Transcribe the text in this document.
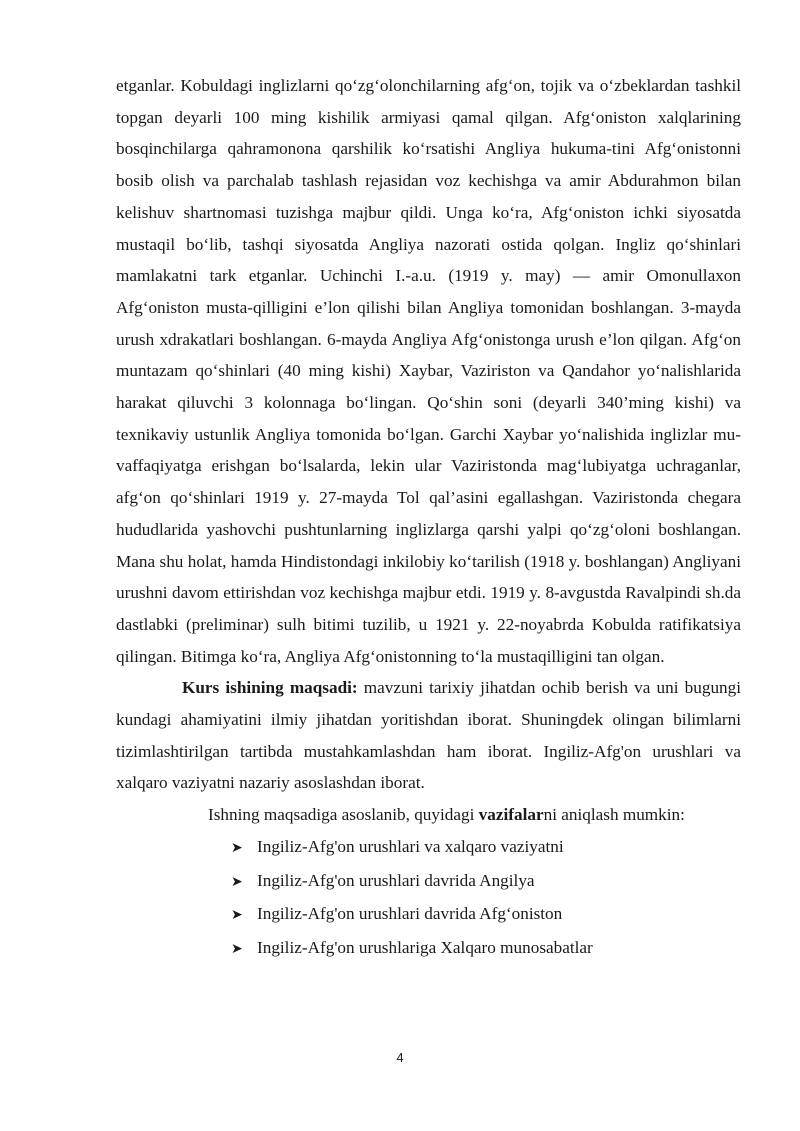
etganlar. Kobuldagi inglizlarni qo‘zg‘olonchilarning afg‘on, tojik va o‘zbeklardan tashkil topgan deyarli 100 ming kishilik armiyasi qamal qilgan. Afg‘oniston xalqlarining bosqinchilarga qahramonona qarshilik ko‘rsatishi Angliya hukuma-tini Afg‘onistonni bosib olish va parchalab tashlash rejasidan voz kechishga va amir Abdurahmon bilan kelishuv shartnomasi tuzishga majbur qildi. Unga ko‘ra, Afg‘oniston ichki siyosatda mustaqil bo‘lib, tashqi siyosatda Angliya nazorati ostida qolgan. Ingliz qo‘shinlari mamlakatni tark etganlar. Uchinchi I.-a.u. (1919 y. may) — amir Omonullaxon Afg‘oniston musta-qilligini e’lon qilishi bilan Angliya tomonidan boshlangan. 3-mayda urush xdrakatlari boshlangan. 6-mayda Angliya Afg‘onistonga urush e’lon qilgan. Afg‘on muntazam qo‘shinlari (40 ming kishi) Xaybar, Vaziriston va Qandahor yo‘nalishlarida harakat qiluvchi 3 kolonnaga bo‘lingan. Qo‘shin soni (deyarli 340’ming kishi) va texnikaviy ustunlik Angliya tomonida bo‘lgan. Garchi Xaybar yo‘nalishida inglizlar mu-vaffaqiyatga erishgan bo‘lsalarda, lekin ular Vaziristonda mag‘lubiyatga uchraganlar, afg‘on qo‘shinlari 1919 y. 27-mayda Tol qal’asini egallashgan. Vaziristonda chegara hududlarida yashovchi pushtunlarning inglizlarga qarshi yalpi qo‘zg‘oloni boshlangan. Mana shu holat, hamda Hindistondagi inkilobiy ko‘tarilish (1918 y. boshlangan) Angliyani urushni davom ettirishdan voz kechishga majbur etdi. 1919 y. 8-avgustda Ravalpindi sh.da dastlabki (preliminar) sulh bitimi tuzilib, u 1921 y. 22-noyabrda Kobulda ratifikatsiya qilingan. Bitimga ko‘ra, Angliya Afg‘onistonning to‘la mustaqilligini tan olgan.

Kurs ishining maqsadi: mavzuni tarixiy jihatdan ochib berish va uni bugungi kundagi ahamiyatini ilmiy jihatdan yoritishdan iborat. Shuningdek olingan bilimlarni tizimlashtirilgan tartibda mustahkamlashdan ham iborat. Ingiliz-Afg'on urushlari va xalqaro vaziyatni nazariy asoslashdan iborat.

Ishning maqsadiga asoslanib, quyidagi vazifalarni aniqlash mumkin:

➤ Ingiliz-Afg'on urushlari va xalqaro vaziyatni
➤ Ingiliz-Afg'on urushlari davrida Angilya
➤ Ingiliz-Afg'on urushlari davrida Afg‘oniston
➤ Ingiliz-Afg'on urushlariga Xalqaro munosabatlar
4
